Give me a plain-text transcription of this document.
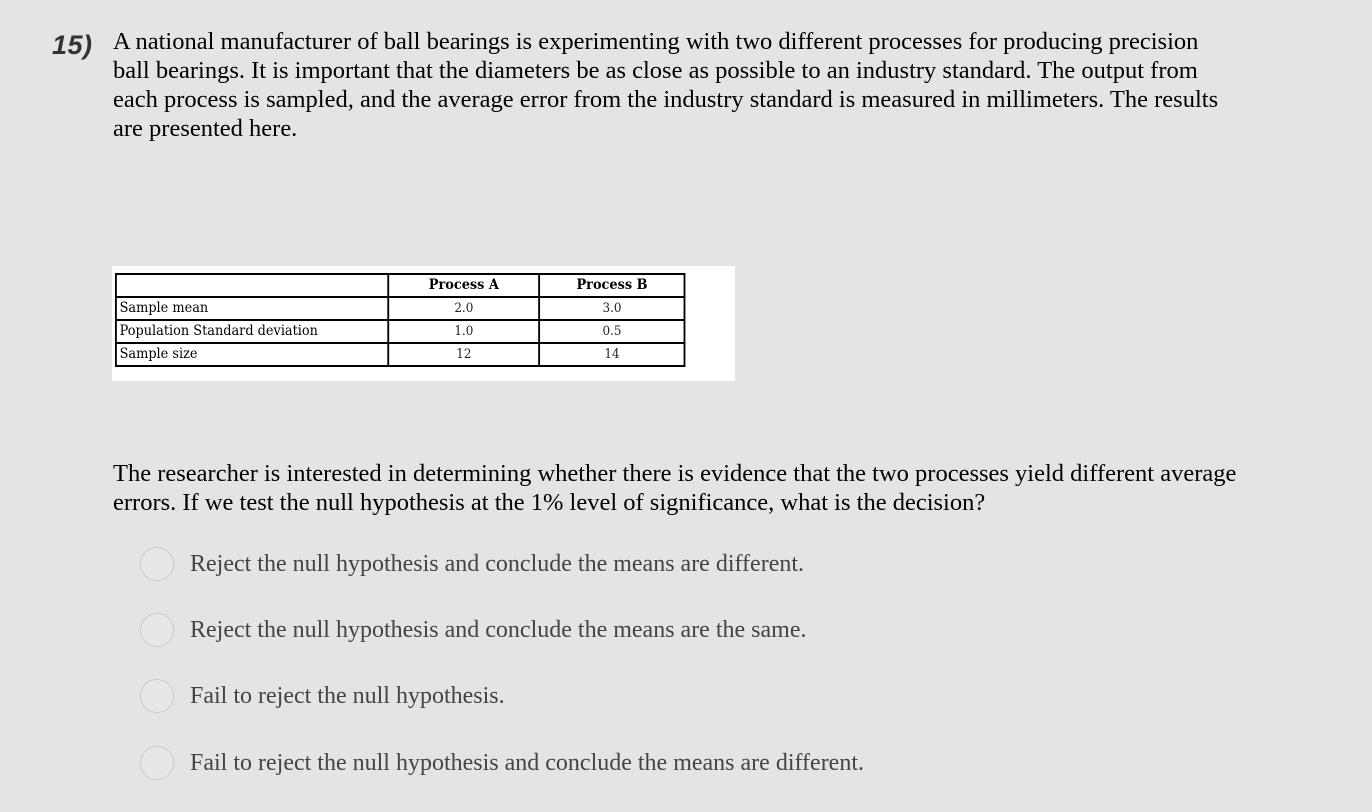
15) A national manufacturer of ball bearings is experimenting with two different processes for producing precision ball bearings. It is important that the diameters be as close as possible to an industry standard. The output from each process is sampled, and the average error from the industry standard is measured in millimeters. The results are presented here.

	Process A	Process B
Sample mean	2.0	3.0
Population Standard deviation	1.0	0.5
Sample size	12	14

The researcher is interested in determining whether there is evidence that the two processes yield different average errors. If we test the null hypothesis at the 1% level of significance, what is the decision?

Reject the null hypothesis and conclude the means are different.
Reject the null hypothesis and conclude the means are the same.
Fail to reject the null hypothesis.
Fail to reject the null hypothesis and conclude the means are different.
